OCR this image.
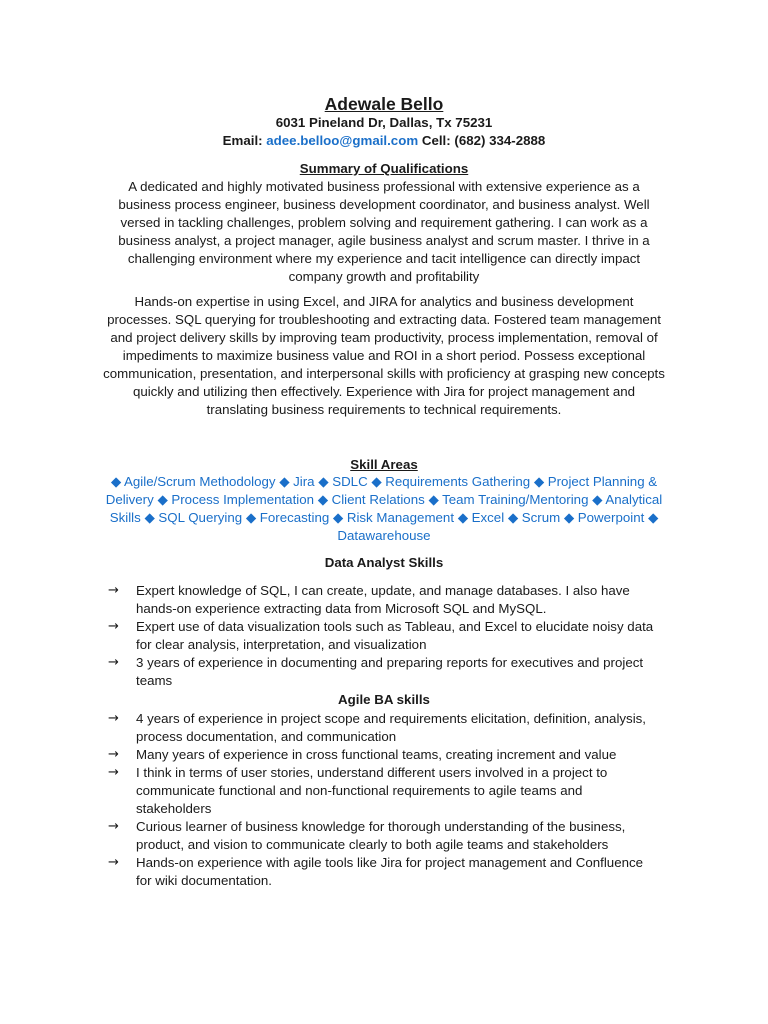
Adewale Bello
6031 Pineland Dr, Dallas, Tx 75231
Email: adee.belloo@gmail.com Cell: (682) 334-2888
Summary of Qualifications
A dedicated and highly motivated business professional with extensive experience as a
business process engineer, business development coordinator, and business analyst. Well
versed in tackling challenges, problem solving and requirement gathering. I can work as a
business analyst, a project manager, agile business analyst and scrum master. I thrive in a
challenging environment where my experience and tacit intelligence can directly impact
company growth and profitability
Hands-on expertise in using Excel, and JIRA for analytics and business development
processes. SQL querying for troubleshooting and extracting data. Fostered team management
and project delivery skills by improving team productivity, process implementation, removal of
impediments to maximize business value and ROI in a short period. Possess exceptional
communication, presentation, and interpersonal skills with proficiency at grasping new concepts
quickly and utilizing then effectively. Experience with Jira for project management and
translating business requirements to technical requirements.
Skill Areas
◆ Agile/Scrum Methodology ◆ Jira ◆ SDLC ◆ Requirements Gathering ◆ Project Planning &
Delivery ◆ Process Implementation ◆ Client Relations ◆ Team Training/Mentoring ◆ Analytical
Skills ◆ SQL Querying ◆ Forecasting ◆ Risk Management ◆ Excel ◆ Scrum ◆ Powerpoint ◆
Datawarehouse
Data Analyst Skills
→	Expert knowledge of SQL, I can create, update, and manage databases. I also have
hands-on experience extracting data from Microsoft SQL and MySQL.
→	Expert use of data visualization tools such as Tableau, and Excel to elucidate noisy data
for clear analysis, interpretation, and visualization
→	3 years of experience in documenting and preparing reports for executives and project
teams
Agile BA skills
→	4 years of experience in project scope and requirements elicitation, definition, analysis,
process documentation, and communication
→	Many years of experience in cross functional teams, creating increment and value
→	I think in terms of user stories, understand different users involved in a project to
communicate functional and non-functional requirements to agile teams and
stakeholders
→	Curious learner of business knowledge for thorough understanding of the business,
product, and vision to communicate clearly to both agile teams and stakeholders
→	Hands-on experience with agile tools like Jira for project management and Confluence
for wiki documentation.
